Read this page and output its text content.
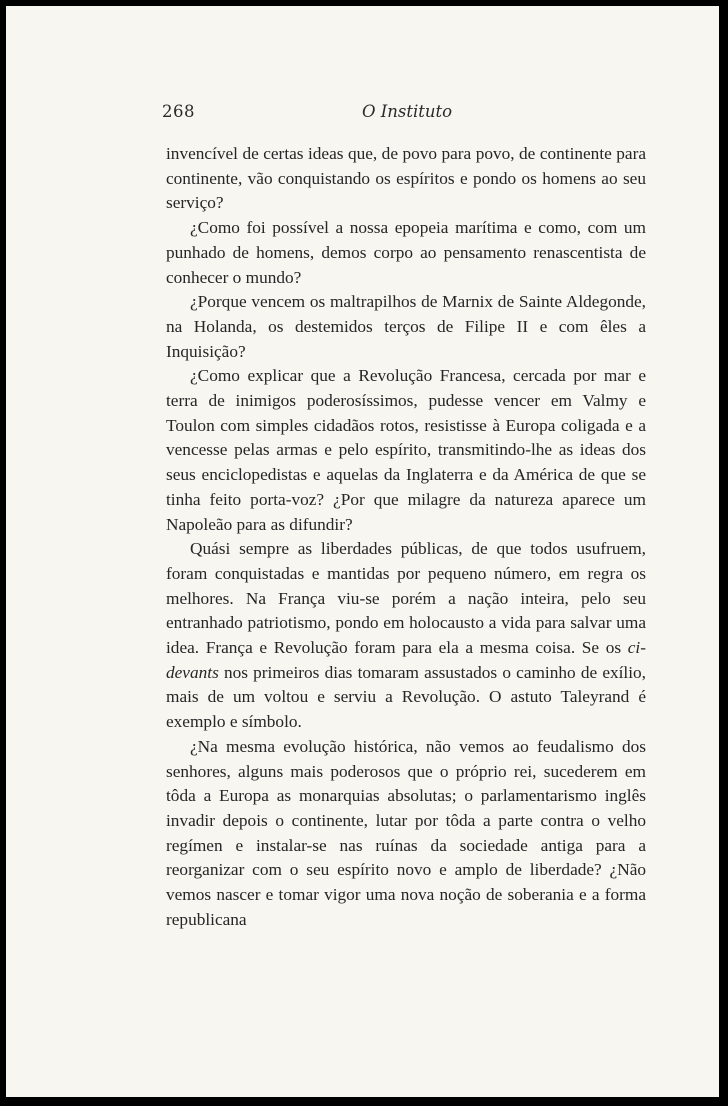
268	O Instituto

invencível de certas ideas que, de povo para povo, de continente para continente, vão conquistando os espíritos e pondo os homens ao seu serviço?

¿Como foi possível a nossa epopeia marítima e como, com um punhado de homens, demos corpo ao pensamento renascentista de conhecer o mundo?

¿Porque vencem os maltrapilhos de Marnix de Sainte Aldegonde, na Holanda, os destemidos terços de Filipe II e com êles a Inquisição?

¿Como explicar que a Revolução Francesa, cercada por mar e terra de inimigos poderosíssimos, pudesse vencer em Valmy e Toulon com simples cidadãos rotos, resistisse à Europa coligada e a vencesse pelas armas e pelo espírito, transmitindo-lhe as ideas dos seus enciclopedistas e aquelas da Inglaterra e da América de que se tinha feito porta-voz? ¿Por que milagre da natureza aparece um Napoleão para as difundir?

Quási sempre as liberdades públicas, de que todos usufruem, foram conquistadas e mantidas por pequeno número, em regra os melhores. Na França viu-se porém a nação inteira, pelo seu entranhado patriotismo, pondo em holocausto a vida para salvar uma idea. França e Revolução foram para ela a mesma coisa. Se os ci-devants nos primeiros dias tomaram assustados o caminho de exílio, mais de um voltou e serviu a Revolução. O astuto Taleyrand é exemplo e símbolo.

¿Na mesma evolução histórica, não vemos ao feudalismo dos senhores, alguns mais poderosos que o próprio rei, sucederem em tôda a Europa as monarquias absolutas; o parlamentarismo inglês invadir depois o continente, lutar por tôda a parte contra o velho regímen e instalar-se nas ruínas da sociedade antiga para a reorganizar com o seu espírito novo e amplo de liberdade? ¿Não vemos nascer e tomar vigor uma nova noção de soberania e a forma republicana
